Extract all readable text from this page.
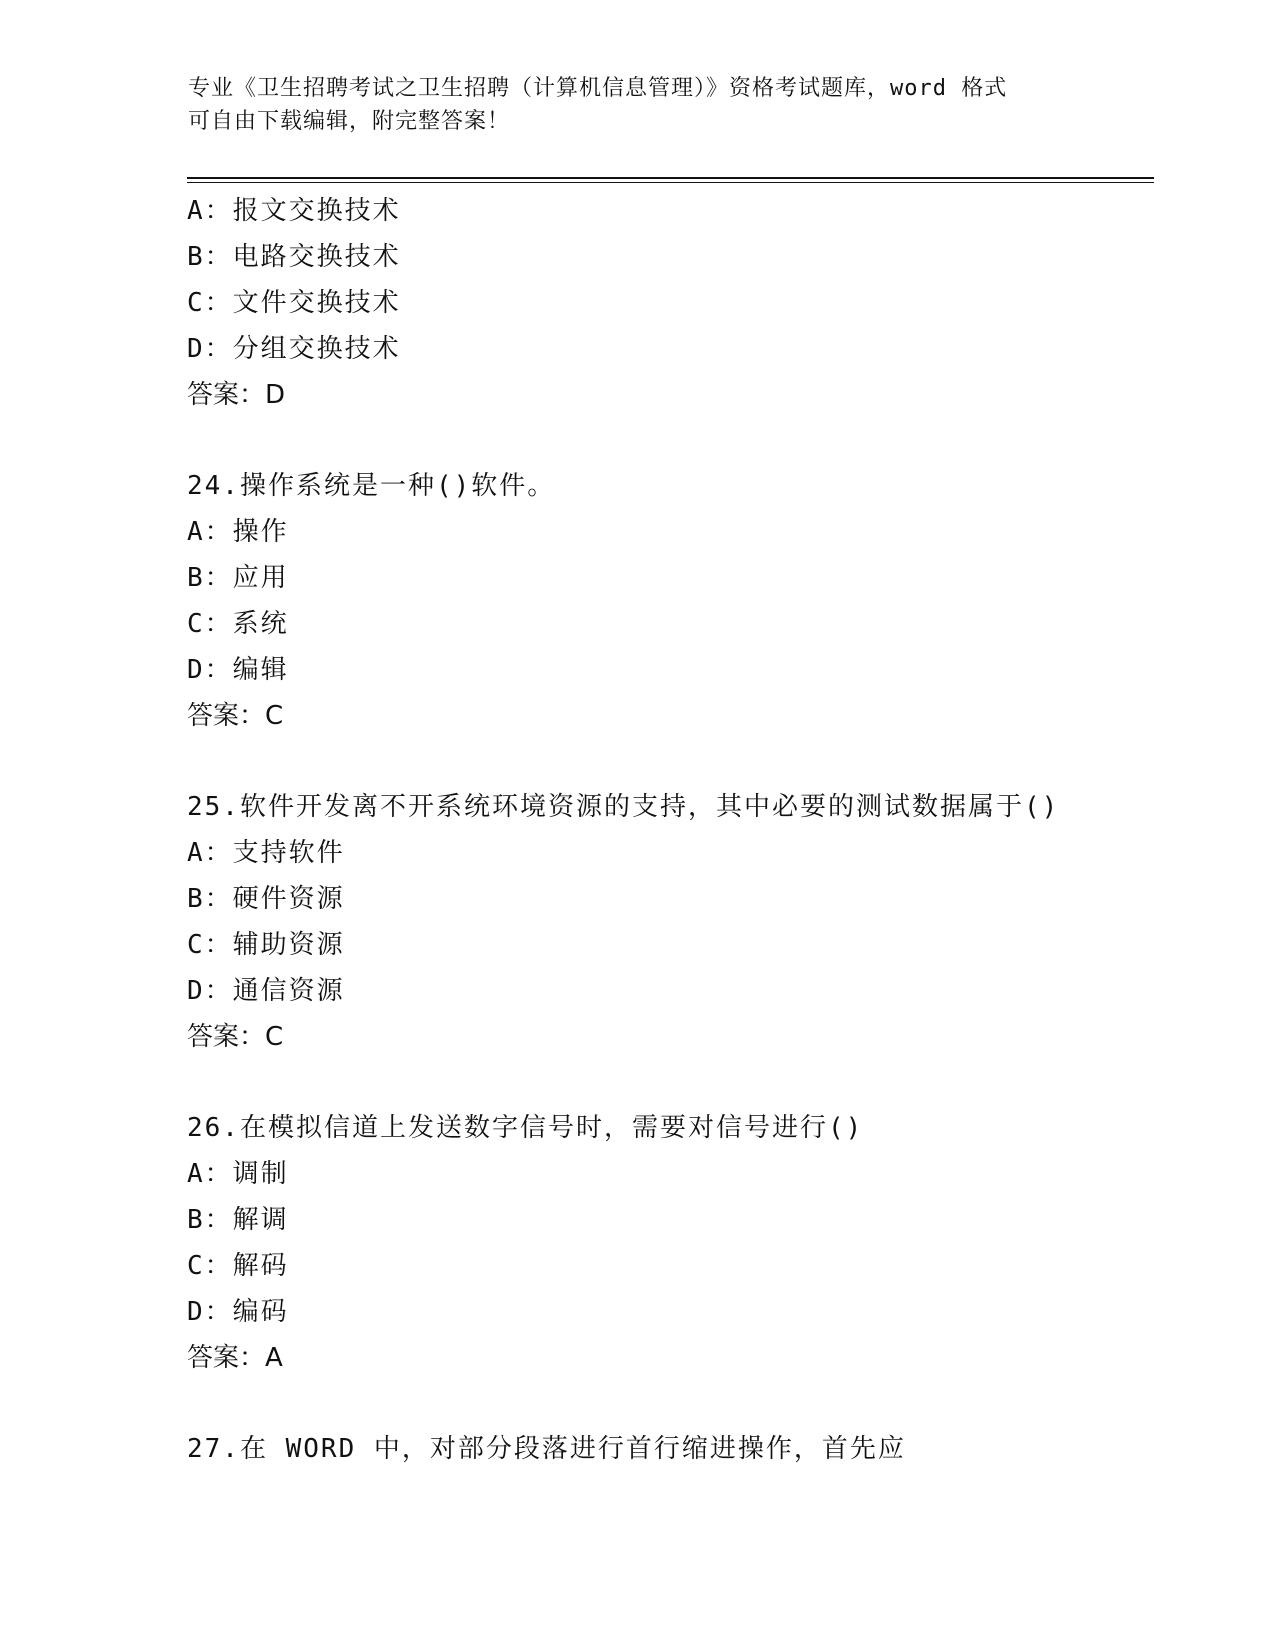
专业《卫生招聘考试之卫生招聘（计算机信息管理）》资格考试题库，word 格式
可自由下载编辑，附完整答案！
A：报文交换技术
B：电路交换技术
C：文件交换技术
D：分组交换技术
答案：D
24.操作系统是一种()软件。
A：操作
B：应用
C：系统
D：编辑
答案：C
25.软件开发离不开系统环境资源的支持，其中必要的测试数据属于()
A：支持软件
B：硬件资源
C：辅助资源
D：通信资源
答案：C
26.在模拟信道上发送数字信号时，需要对信号进行()
A：调制
B：解调
C：解码
D：编码
答案：A
27.在 WORD 中，对部分段落进行首行缩进操作，首先应
